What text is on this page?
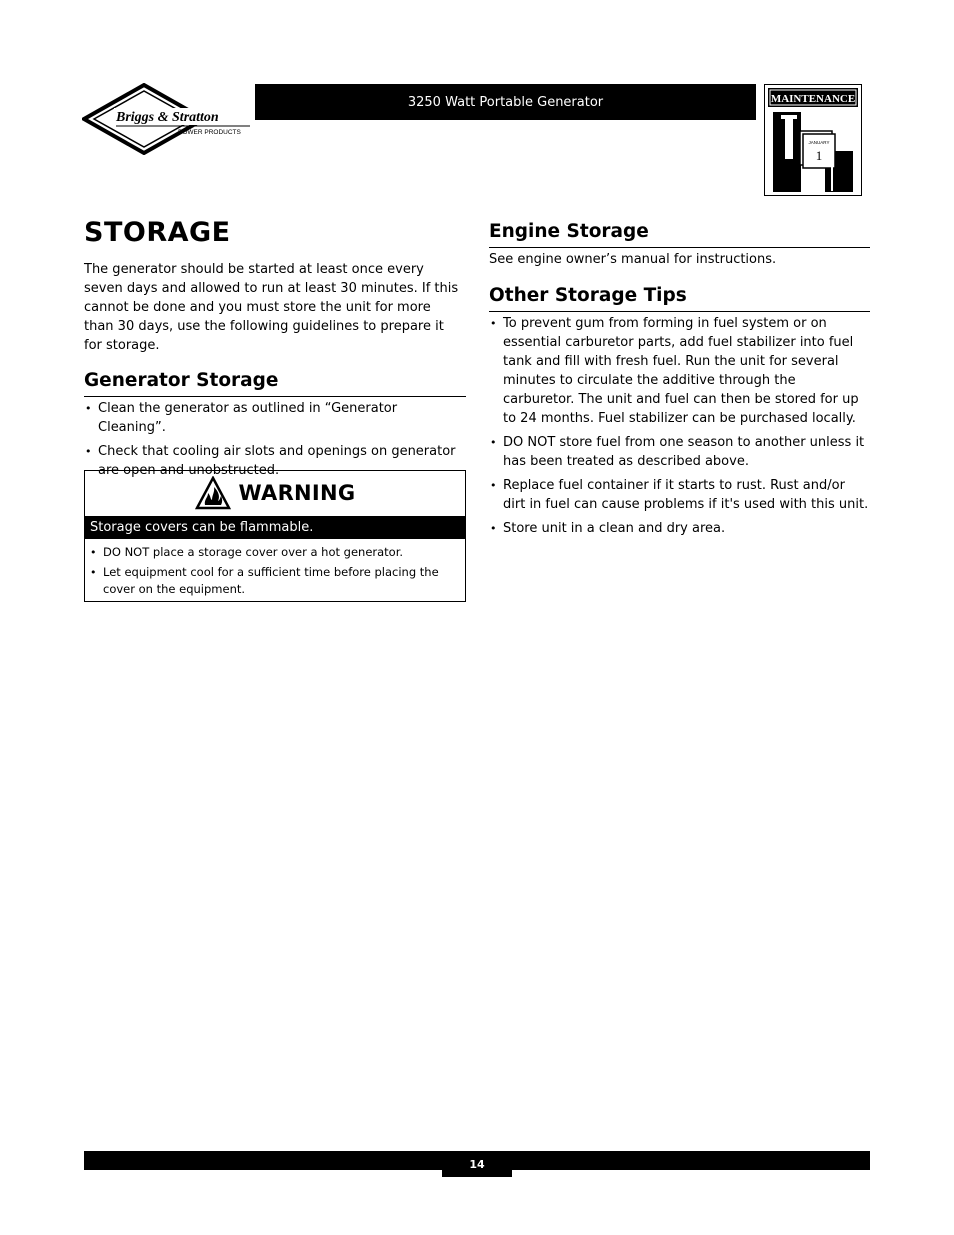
Briggs & Stratton
POWER PRODUCTS
3250 Watt Portable Generator	MAINTENANCE
JANUARY
1
STORAGE

The generator should be started at least once every seven days and allowed to run at least 30 minutes. If this cannot be done and you must store the unit for more than 30 days, use the following guidelines to prepare it for storage.

Generator Storage
• Clean the generator as outlined in “Generator Cleaning”.
• Check that cooling air slots and openings on generator are open and unobstructed.
WARNING
Storage covers can be flammable.
• DO NOT place a storage cover over a hot generator.
• Let equipment cool for a sufficient time before placing the cover on the equipment.
Engine Storage

See engine owner’s manual for instructions.

Other Storage Tips
• To prevent gum from forming in fuel system or on essential carburetor parts, add fuel stabilizer into fuel tank and fill with fresh fuel. Run the unit for several minutes to circulate the additive through the carburetor. The unit and fuel can then be stored for up to 24 months. Fuel stabilizer can be purchased locally.
• DO NOT store fuel from one season to another unless it has been treated as described above.
• Replace fuel container if it starts to rust. Rust and/or dirt in fuel can cause problems if it's used with this unit.
• Store unit in a clean and dry area.
14
